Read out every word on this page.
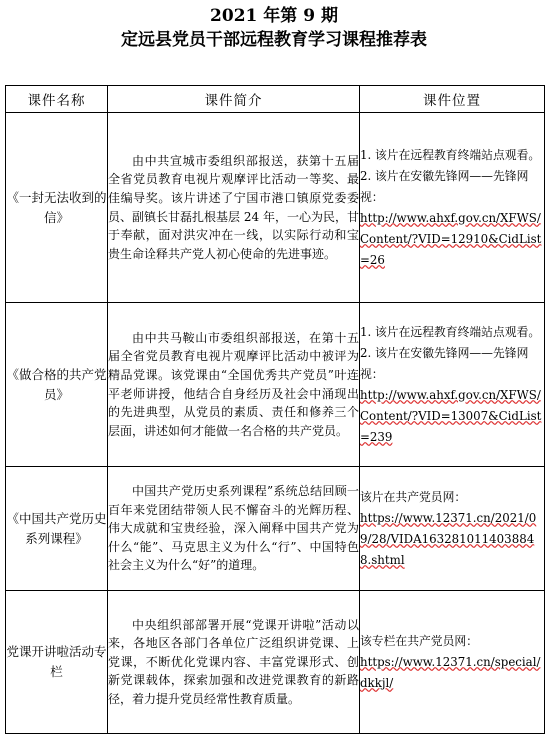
2021 年第 9 期
定远县党员干部远程教育学习课程推荐表
课件名称	课件简介	课件位置
《一封无法收到的信》	由中共宣城市委组织部报送，获第十五届全省党员教育电视片观摩评比活动一等奖、最佳编导奖。该片讲述了宁国市港口镇原党委委员、副镇长甘磊扎根基层 24 年，一心为民，甘于奉献，面对洪灾冲在一线，以实际行动和宝贵生命诠释共产党人初心使命的先进事迹。	1. 该片在远程教育终端站点观看。
2. 该片在安徽先锋网——先锋网视：
http://www.ahxf.gov.cn/XFWS/Content/?VID=12910&CidList=26

《做合格的共产党员》	由中共马鞍山市委组织部报送，在第十五届全省党员教育电视片观摩评比活动中被评为精品党课。该党课由“全国优秀共产党员”叶连平老师讲授，他结合自身经历及社会中涌现出的先进典型，从党员的素质、责任和修养三个层面，讲述如何才能做一名合格的共产党员。	1. 该片在远程教育终端站点观看。
2. 该片在安徽先锋网——先锋网视：
http://www.ahxf.gov.cn/XFWS/Content/?VID=13007&CidList=239

《中国共产党历史系列课程》	中国共产党历史系列课程”系统总结回顾一百年来党团结带领人民不懈奋斗的光辉历程、伟大成就和宝贵经验，深入阐释中国共产党为什么“能”、马克思主义为什么“行”、中国特色社会主义为什么“好”的道理。	该片在共产党员网：
https://www.12371.cn/2021/09/28/VIDA1632810114038848.shtml

党课开讲啦活动专栏	中央组织部部署开展“党课开讲啦”活动以来，各地区各部门各单位广泛组织讲党课、上党课，不断优化党课内容、丰富党课形式、创新党课载体，探索加强和改进党课教育的新路径，着力提升党员经常性教育质量。	该专栏在共产党员网：
https://www.12371.cn/special/dkkjl/
